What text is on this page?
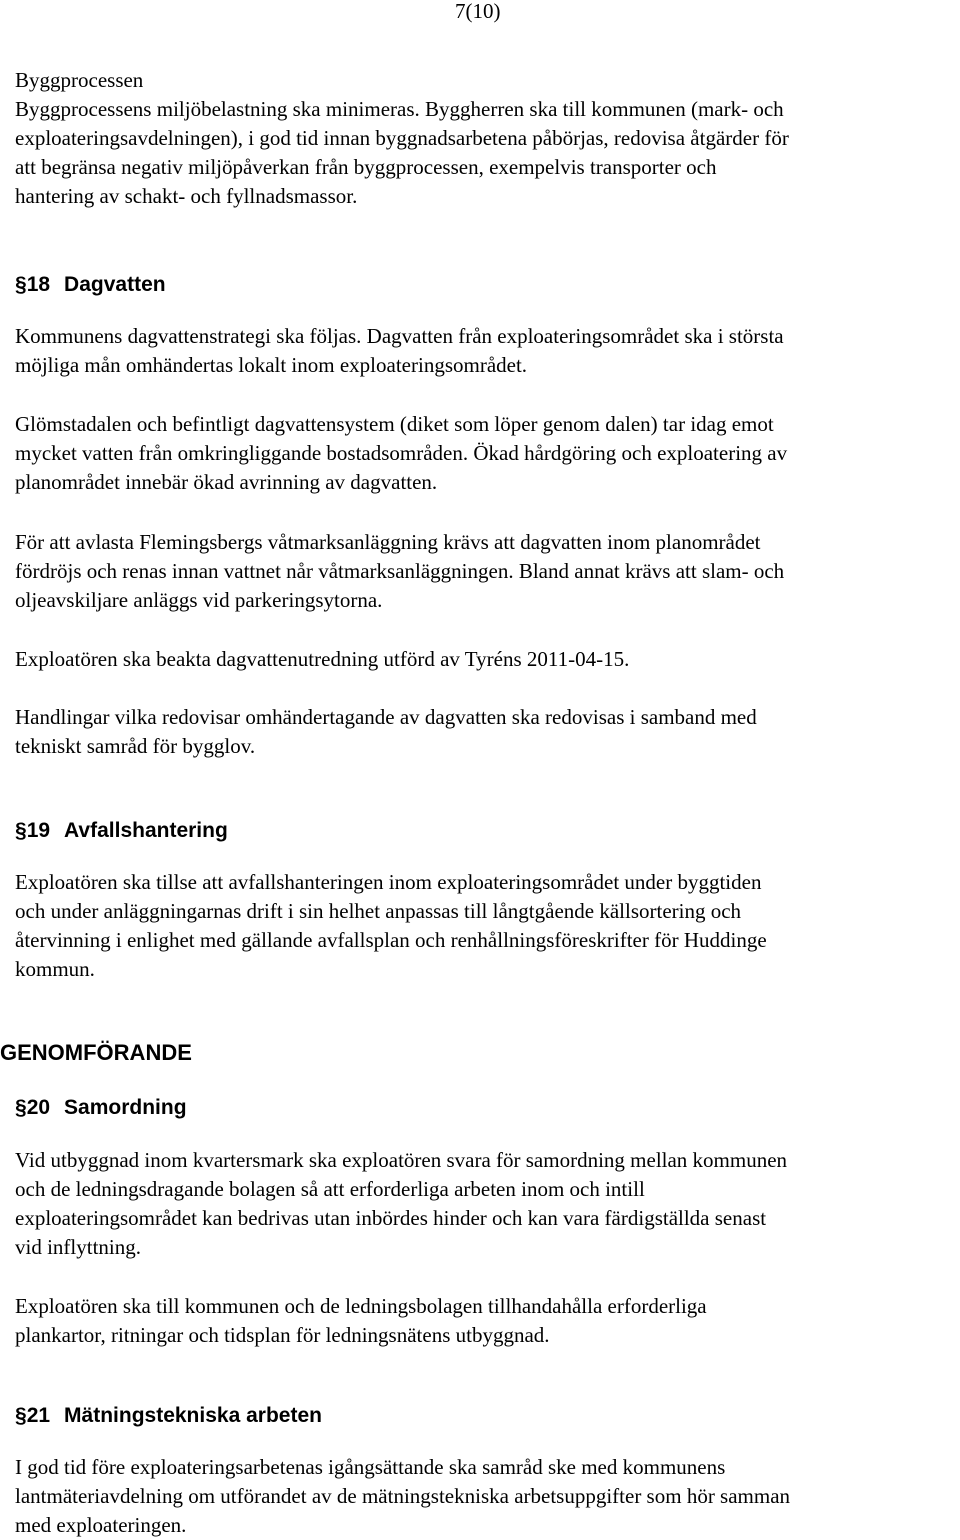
7(10)

Byggprocessen
Byggprocessens miljöbelastning ska minimeras. Byggherren ska till kommunen (mark- och
exploateringsavdelningen), i god tid innan byggnadsarbetena påbörjas, redovisa åtgärder för
att begränsa negativ miljöpåverkan från byggprocessen, exempelvis transporter och
hantering av schakt- och fyllnadsmassor.

§18 Dagvatten

Kommunens dagvattenstrategi ska följas. Dagvatten från exploateringsområdet ska i största
möjliga mån omhändertas lokalt inom exploateringsområdet.

Glömstadalen och befintligt dagvattensystem (diket som löper genom dalen) tar idag emot
mycket vatten från omkringliggande bostadsområden. Ökad hårdgöring och exploatering av
planområdet innebär ökad avrinning av dagvatten.

För att avlasta Flemingsbergs våtmarksanläggning krävs att dagvatten inom planområdet
fördröjs och renas innan vattnet når våtmarksanläggningen. Bland annat krävs att slam- och
oljeavskiljare anläggs vid parkeringsytorna.

Exploatören ska beakta dagvattenutredning utförd av Tyréns 2011-04-15.

Handlingar vilka redovisar omhändertagande av dagvatten ska redovisas i samband med
tekniskt samråd för bygglov.

§19 Avfallshantering

Exploatören ska tillse att avfallshanteringen inom exploateringsområdet under byggtiden
och under anläggningarnas drift i sin helhet anpassas till långtgående källsortering och
återvinning i enlighet med gällande avfallsplan och renhållningsföreskrifter för Huddinge
kommun.

GENOMFÖRANDE
§20 Samordning

Vid utbyggnad inom kvartersmark ska exploatören svara för samordning mellan kommunen
och de ledningsdragande bolagen så att erforderliga arbeten inom och intill
exploateringsområdet kan bedrivas utan inbördes hinder och kan vara färdigställda senast
vid inflyttning.

Exploatören ska till kommunen och de ledningsbolagen tillhandahålla erforderliga
plankartor, ritningar och tidsplan för ledningsnätens utbyggnad.

§21 Mätningstekniska arbeten

I god tid före exploateringsarbetenas igångsättande ska samråd ske med kommunens
lantmäteriavdelning om utförandet av de mätningstekniska arbetsuppgifter som hör samman
med exploateringen.
